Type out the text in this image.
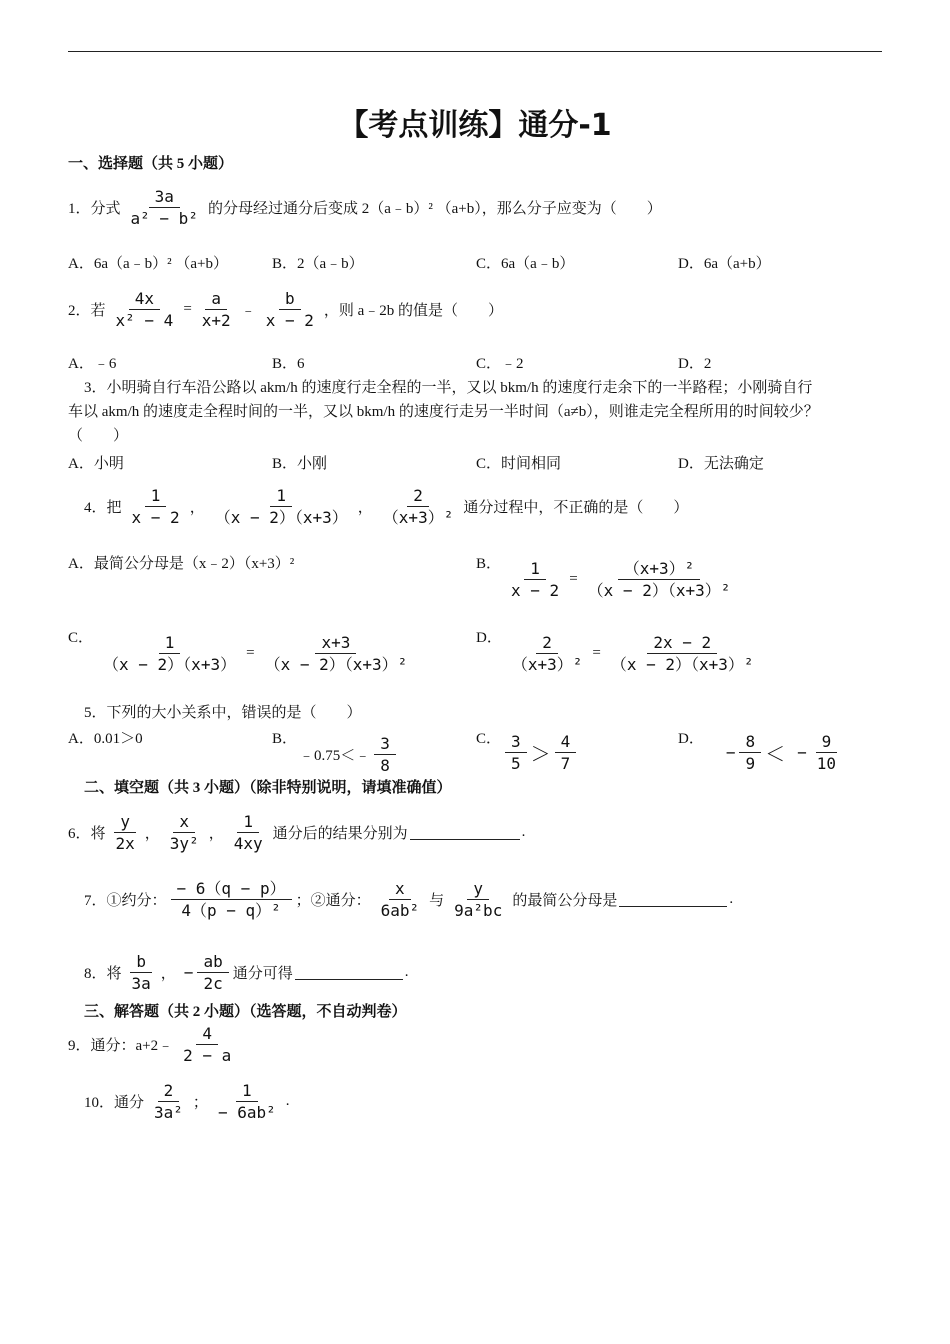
【考点训练】通分-1
一、选择题（共 5 小题）
1．分式 $\frac{3a}{\text{a² − b²}}$ 的分母经过通分后变成 2（a﹣b）² （a+b），那么分子应变为（　　）
A．6a（a﹣b）² （a+b）	B．2（a﹣b）	C．6a（a﹣b）	D．6a（a+b）
2．若 $\frac{4x}{\text{x² − 4}} = \frac{a}{x+2}$ ﹣ $\frac{b}{x - 2}$ ，则 a﹣2b 的值是（　　）
A．﹣6	B．6	C．﹣2	D．2
3．小明骑自行车沿公路以 akm/h 的速度行走全程的一半，又以 bkm/h 的速度行走余下的一半路程；小刚骑自行
车以 akm/h 的速度走全程时间的一半，又以 bkm/h 的速度行走另一半时间（a≠b），则谁走完全程所用的时间较少？
（　　）
A．小明	B．小刚	C．时间相同	D．无法确定
4．把 $\frac{1}{x - 2}$ ， $\frac{1}{(x - 2)(x+3)}$ ， $\frac{2}{\text{（x+3）²}}$ 通分过程中，不正确的是（　　）
A．最简公分母是（x﹣2）（x+3）²	B． $\frac{1}{x - 2} = \frac{\text{（x+3）²}}{\text{（x − 2）（x+3）²}}$
C． $\frac{1}{(x - 2)(x+3)} = \frac{x+3}{\text{（x − 2）（x+3）²}}$	D． $\frac{2}{\text{（x+3）²}} = \frac{2x - 2}{\text{（x − 2）（x+3）²}}$
5．下列的大小关系中，错误的是（　　）
A．0.01＞0	B．
﹣0.75＜﹣ $\frac{3}{8}$	C． $\frac{3}{5} > \frac{4}{7}$	D．
− $\frac{8}{9}$ ＜ − $\frac{9}{10}$
二、填空题（共 3 小题）（除非特别说明，请填准确值）
6．将 $\frac{y}{2x}$ ， $\frac{x}{\text{3y²}}$ ， $\frac{1}{4xy}$ 通分后的结果分别为	.
7．①约分： $\frac{- 6(q - p)}{\text{4（p − q）²}}$ ；②通分： $\frac{x}{\text{6ab²}}$ 与 $\frac{y}{\text{9a²bc}}$ 的最简公分母是	.
8．将 $\frac{b}{3a}$ ， − $\frac{ab}{2c}$ 通分可得	.
三、解答题（共 2 小题）（选答题，不自动判卷）
9．通分：a+2﹣ $\frac{4}{2 - a}$
10．通分 $\frac{2}{\text{3a²}}$ ； $\frac{1}{\text{− 6ab²}}$ .
